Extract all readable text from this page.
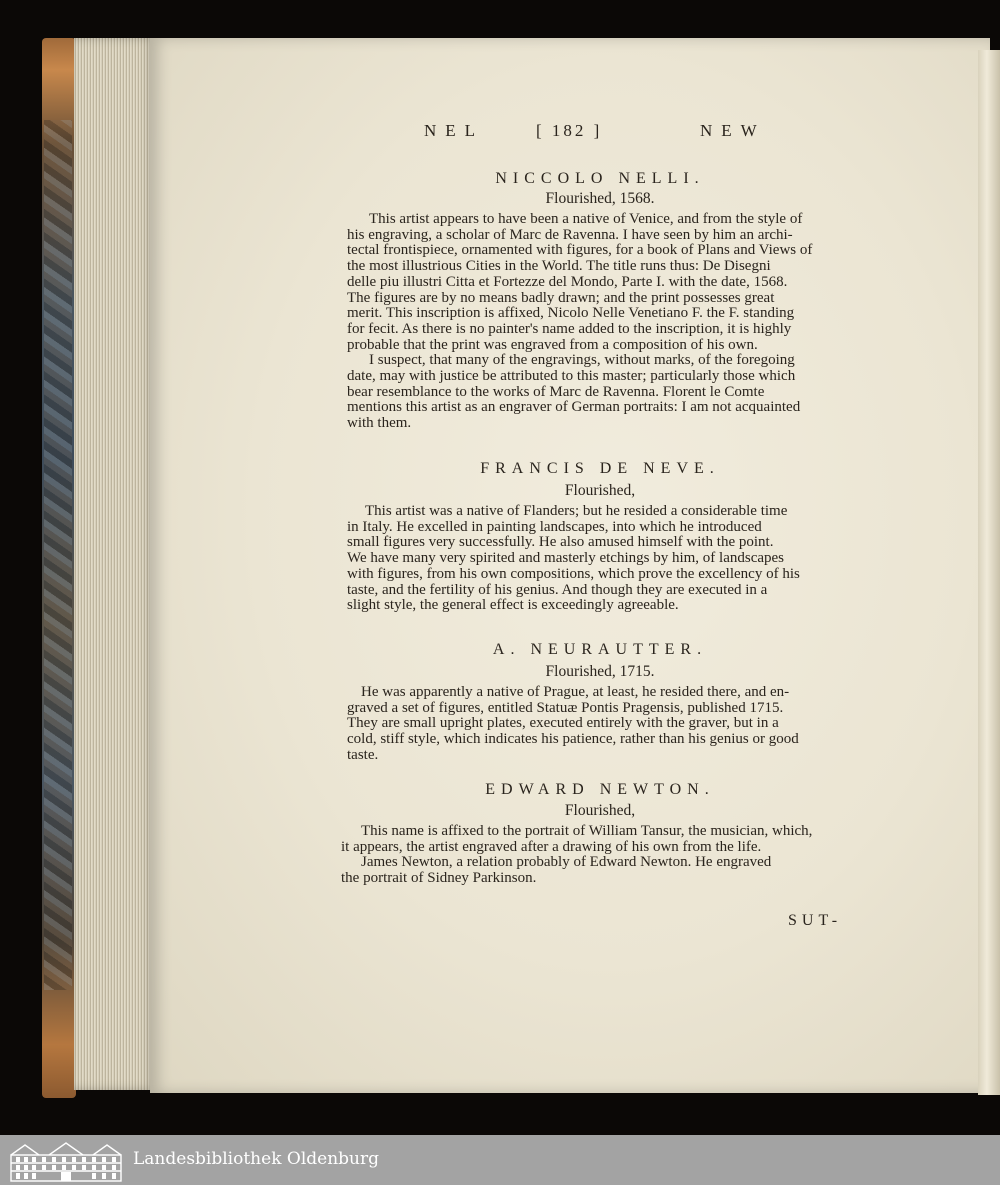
NEL	[ 182 ]	NEW
NICCOLO NELLI.
Flourished, 1568.
This artist appears to have been a native of Venice, and from the style of
his engraving, a scholar of Marc de Ravenna. I have seen by him an archi-
tectal frontispiece, ornamented with figures, for a book of Plans and Views of
the most illustrious Cities in the World. The title runs thus: De Disegni
delle piu illustri Citta et Fortezze del Mondo, Parte I. with the date, 1568.
The figures are by no means badly drawn; and the print possesses great
merit. This inscription is affixed, Nicolo Nelle Venetiano F. the F. standing
for fecit. As there is no painter's name added to the inscription, it is highly
probable that the print was engraved from a composition of his own.
I suspect, that many of the engravings, without marks, of the foregoing
date, may with justice be attributed to this master; particularly those which
bear resemblance to the works of Marc de Ravenna. Florent le Comte
mentions this artist as an engraver of German portraits: I am not acquainted
with them.
FRANCIS DE NEVE.
Flourished,
This artist was a native of Flanders; but he resided a considerable time
in Italy. He excelled in painting landscapes, into which he introduced
small figures very successfully. He also amused himself with the point.
We have many very spirited and masterly etchings by him, of landscapes
with figures, from his own compositions, which prove the excellency of his
taste, and the fertility of his genius. And though they are executed in a
slight style, the general effect is exceedingly agreeable.
A. NEURAUTTER.
Flourished, 1715.
He was apparently a native of Prague, at least, he resided there, and en-
graved a set of figures, entitled Statuæ Pontis Pragensis, published 1715.
They are small upright plates, executed entirely with the graver, but in a
cold, stiff style, which indicates his patience, rather than his genius or good
taste.
EDWARD NEWTON.
Flourished,
This name is affixed to the portrait of William Tansur, the musician, which,
it appears, the artist engraved after a drawing of his own from the life.
James Newton, a relation probably of Edward Newton. He engraved
the portrait of Sidney Parkinson.
SUT-
Landesbibliothek Oldenburg
